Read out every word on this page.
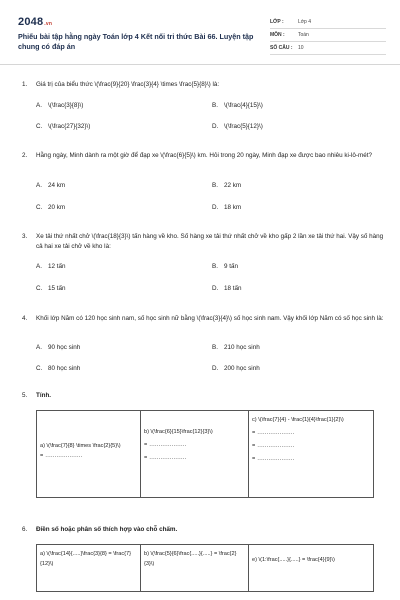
2048.vn
Phiếu bài tập hằng ngày Toán lớp 4 Kết nối tri thức Bài 66. Luyện tập chung có đáp án
LỚP :	Lớp 4
MÔN :	Toán
SỐ CÂU : 10
1. Giá trị của biểu thức \(\frac{9}{20} \frac{3}{4} \times \frac{5}{8}\) là:
A. \(\frac{3}{8}\)	B. \(\frac{4}{15}\)
C. \(\frac{27}{32}\)	D. \(\frac{5}{12}\)
2. Hằng ngày, Minh dành ra một giờ để đạp xe \(\frac{6}{5}\) km. Hỏi trong 20 ngày, Minh đạp xe được bao nhiêu ki-lô-mét?
A. 24 km	B. 22 km
C. 20 km	D. 18 km
3. Xe tải thứ nhất chở \(\frac{18}{3}\) tấn hàng về kho. Số hàng xe tải thứ nhất chở về kho gấp 2 lần xe tải thứ hai. Vậy số hàng cả hai xe tải chở về kho là:
A. 12 tấn	B. 9 tấn
C. 15 tấn	D. 18 tấn
4. Khối lớp Năm có 120 học sinh nam, số học sinh nữ bằng \(\frac{3}{4}\) số học sinh nam. Vậy khối lớp Năm có số học sinh là:
A. 90 học sinh	B. 210 học sinh
C. 80 học sinh	D. 200 học sinh
5. Tính.
a) \(\frac{7}{8} \times \frac{2}{5}\)
= ....................
b) \(\frac{6}{15}\frac{12}{3}\)
= ....................
= ....................
c) \(\frac{7}{4} - \frac{1}{4}\frac{1}{2}\)
= ....................
= ....................
= ....................
6. Điền số hoặc phân số thích hợp vào chỗ chấm.
a) \(\frac{14}{.....}\frac{3}{8} = \frac{7}{12}\)
b) \(\frac{5}{6}\frac{.....}{.....} = \frac{2}{3}\)
e) \(1:\frac{.....}{.....} = \frac{4}{9}\)
